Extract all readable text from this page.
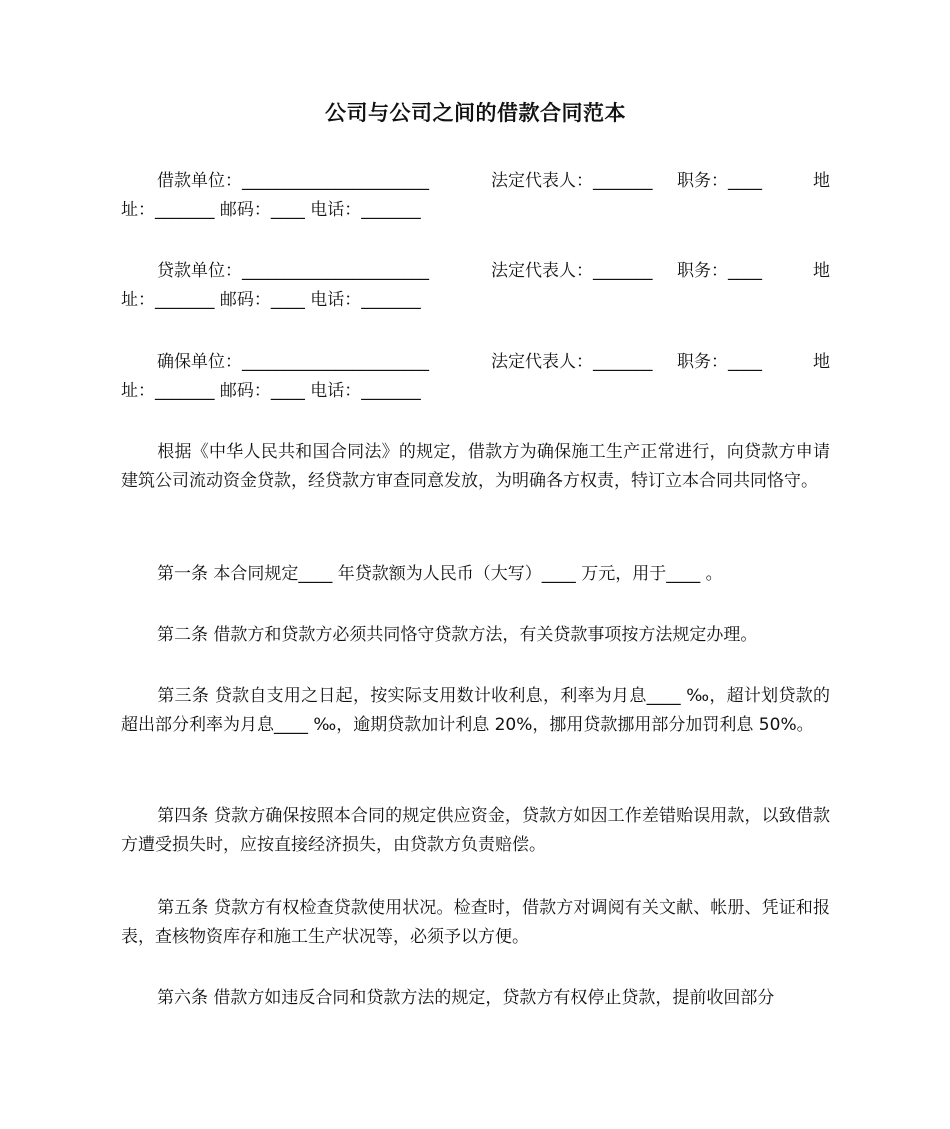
公司与公司之间的借款合同范本
借款单位：______________________	法定代表人：_______ 职务：____	地
址：_______ 邮码：____ 电话：_______
贷款单位：______________________	法定代表人：_______ 职务：____	地
址：_______ 邮码：____ 电话：_______
确保单位：______________________	法定代表人：_______ 职务：____	地
址：_______ 邮码：____ 电话：_______
根据《中华人民共和国合同法》的规定，借款方为确保施工生产正常进行，向贷款方申请建筑公司流动资金贷款，经贷款方审查同意发放，为明确各方权责，特订立本合同共同恪守。
第一条 本合同规定____ 年贷款额为人民币（大写）____ 万元，用于____ 。
第二条 借款方和贷款方必须共同恪守贷款方法，有关贷款事项按方法规定办理。
第三条 贷款自支用之日起，按实际支用数计收利息，利率为月息____ ‰，超计划贷款的超出部分利率为月息____ ‰，逾期贷款加计利息 20%，挪用贷款挪用部分加罚利息 50%。
第四条 贷款方确保按照本合同的规定供应资金，贷款方如因工作差错贻误用款，以致借款方遭受损失时，应按直接经济损失，由贷款方负责赔偿。
第五条 贷款方有权检查贷款使用状况。检查时，借款方对调阅有关文献、帐册、凭证和报表，查核物资库存和施工生产状况等，必须予以方便。
第六条 借款方如违反合同和贷款方法的规定，贷款方有权停止贷款，提前收回部分
